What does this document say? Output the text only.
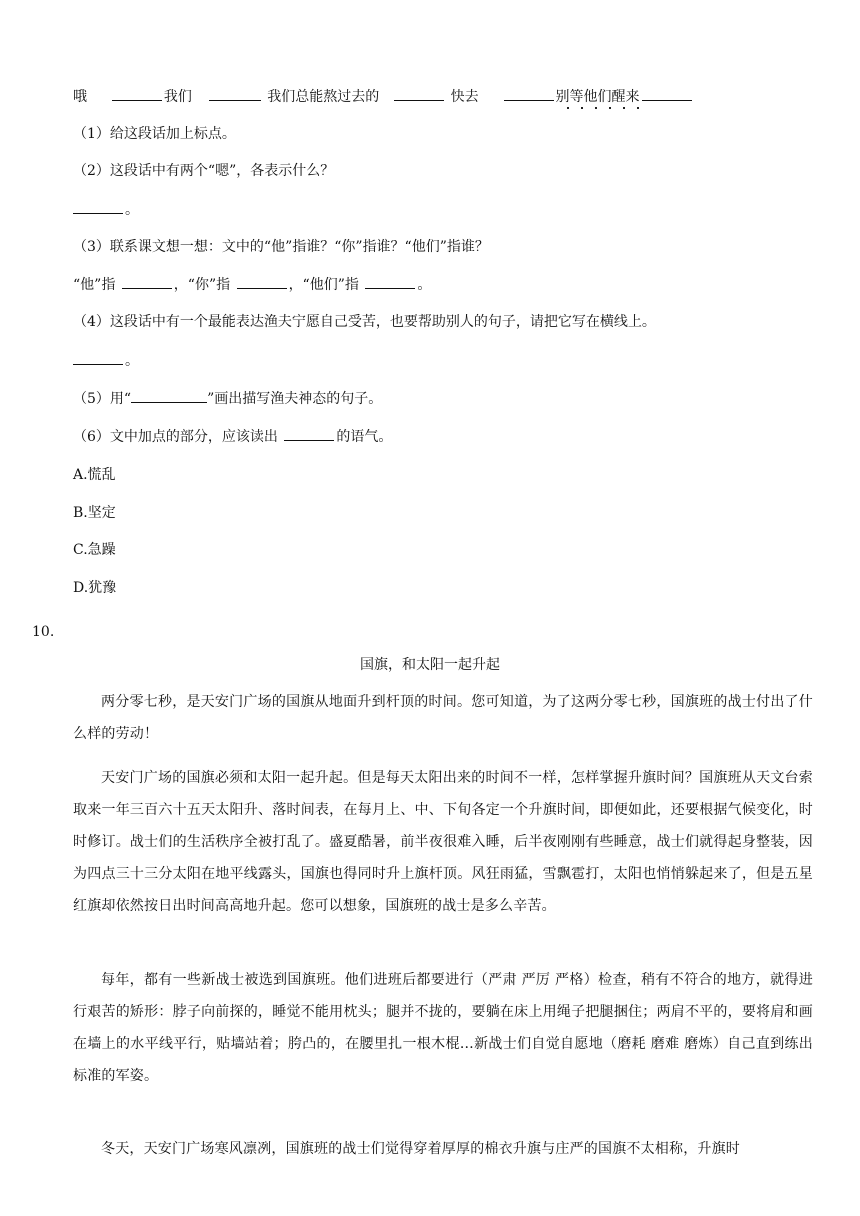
哦	我们	我们总能熬过去的	快去	别等他们醒来
（1）给这段话加上标点。
（2）这段话中有两个“嗯”，各表示什么？
。
（3）联系课文想一想：文中的“他”指谁？“你”指谁？“他们”指谁？
“他”指	，“你”指	，“他们”指	。
（4）这段话中有一个最能表达渔夫宁愿自己受苦，也要帮助别人的句子，请把它写在横线上。
。
（5）用“	”画出描写渔夫神态的句子。
（6）文中加点的部分，应该读出	的语气。
A.慌乱
B.坚定
C.急躁
D.犹豫
10.
国旗，和太阳一起升起
两分零七秒，是天安门广场的国旗从地面升到杆顶的时间。您可知道，为了这两分零七秒，国旗班的战士付出了什么样的劳动！
天安门广场的国旗必须和太阳一起升起。但是每天太阳出来的时间不一样，怎样掌握升旗时间？国旗班从天文台索取来一年三百六十五天太阳升、落时间表，在每月上、中、下旬各定一个升旗时间，即便如此，还要根据气候变化，时时修订。战士们的生活秩序全被打乱了。盛夏酷暑，前半夜很难入睡，后半夜刚刚有些睡意，战士们就得起身整装，因为四点三十三分太阳在地平线露头，国旗也得同时升上旗杆顶。风狂雨猛，雪飘雹打，太阳也悄悄躲起来了，但是五星红旗却依然按日出时间高高地升起。您可以想象，国旗班的战士是多么辛苦。
每年，都有一些新战士被选到国旗班。他们进班后都要进行（严肃 严厉 严格）检查，稍有不符合的地方，就得进行艰苦的矫形：脖子向前探的，睡觉不能用枕头；腿并不拢的，要躺在床上用绳子把腿捆住；两肩不平的，要将肩和画在墙上的水平线平行，贴墙站着；胯凸的，在腰里扎一根木棍…新战士们自觉自愿地（磨耗 磨难 磨炼）自己直到练出标准的军姿。
冬天，天安门广场寒风凛冽，国旗班的战士们觉得穿着厚厚的棉衣升旗与庄严的国旗不太相称，升旗时
